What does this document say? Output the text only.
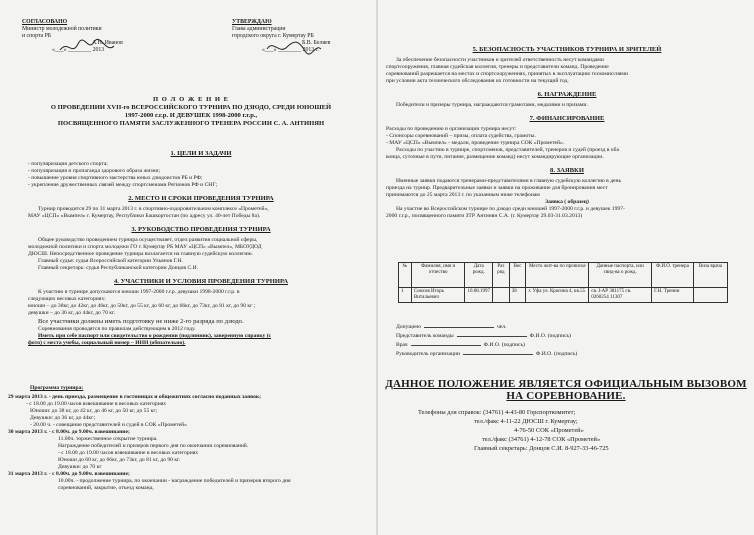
СОГЛАСОВАНО
Министр молодежной политики
и спорта РБ
А.Н. Иванов
«___» ________ 2013
УТВЕРЖДАЮ
Глава администрации
городского округа г. Кумертау РБ
Б.В. Беляев
«___» ________ 2013 г.
П О Л О Ж Е Н И Е
О ПРОВЕДЕНИИ XVII-го ВСЕРОССИЙСКОГО ТУРНИРА ПО ДЗЮДО, СРЕДИ ЮНОШЕЙ
1997-2000 г.г.р. И ДЕВУШЕК 1998-2000 г.г.р.,
ПОСВЯЩЕННОГО ПАМЯТИ ЗАСЛУЖЕННОГО ТРЕНЕРА РОССИИ С. А. АНТИНЯН
1. ЦЕЛИ И ЗАДАЧИ
- популяризация детского спорта;
- популяризация и пропаганда здорового образа жизни;
- повышение уровня спортивного мастерства юных дзюдоистов РБ и РФ;
- укрепление дружественных связей между спортсменами Регионов РФ и СНГ;
2. МЕСТО И СРОКИ ПРОВЕДЕНИЯ ТУРНИРА
Турнир проводится 29 по 31 марта 2013 г. в спортивно-оздоровительном комплексе «Прометей»,
МАУ «ЦСП» «Вымпел» г. Кумертау, Республики Башкортостан (по адресу ул. 40-лет Победы 8а).
3. РУКОВОДСТВО ПРОВЕДЕНИЯ ТУРНИРА
Общее руководство проведением турнира осуществляет, отдел развития социальной сферы,
молодежной политики и спорта молодежи ГО г. Кумертау РБ МАУ «ЦСП» «Вымпел», МБОУДОД
ДЮСШ. Непосредственное проведение турнира возлагается на главную судейскую коллегию.
Главный судья: судья Всероссийской категории Ульянов Г.Н.
Главный секретарь: судья Республиканской категории Донцов С.И.
4. УЧАСТНИКИ И УСЛОВИЯ ПРОВЕДЕНИЯ ТУРНИРА
К участию в турнире допускаются юноши 1997-2000 г.г.р. девушки 1998-2000 г.г.р. в
следующих весовых категориях:
юноши – до 38кг, до 42кг, до 46кг, до 50кг, до 55 кг, до 60 кг, до 66кг, до 73кг, до 81 кг, до 90 кг ;
девушки – до 36 кг, до 44кг, до 70 кг.
Все участники должны иметь подготовку не ниже 2-го разряда по дзюдо.
Соревнования проводятся по правилам действующим в 2012 году.
Иметь при себе паспорт или свидетельство о рождении (подлинник), заверенную справку (с
фото) с места учебы, социальный номер – ИНН (обязательно).
Программа турнира:
29 марта 2013 г. - день приезда, размещение в гостиницах и общежитиях согласно поданных заявок;
- с 18.00 до 19.00 часов взвешивание в весовых категориях
Юноши: до 38 кг, до 42 кг, до 46 кг, до 50 кг, до 55 кг;
Девушки: до 36 кг, до 44кг;
- 20.00 ч. - совещание представителей и судей в СОК «Прометей»
30 марта 2013 г. - с 8.00ч. до 9.00ч. взвешивание;
11.00ч. торжественное открытие турнира.
Награждение победителей и призеров первого дня по окончании соревнований.
- с 18.00 до 19.00 часов взвешивание в весовых категориях
Юноши до 60 кг, до 66кг, до 73кг, до 81 кг, до 90 кг.
Девушки: до 70 кг
31 марта 2013 г. - с 8.00ч. до 9.00ч. взвешивание;
10.00ч. - продолжение турнира, по окончании - награждение победителей и призеров второго дня
соревнований, закрытие, отъезд команд.
5. БЕЗОПАСНОСТЬ УЧАСТНИКОВ ТУРНИРА И ЗРИТЕЛЕЙ
За обеспечение безопасности участников и зрителей ответственность несут командами
спортсооружения, главная судейская коллегия, тренеры и представители команд. Проведение
соревнований разрешается на местах и спортсооружениях, принятых в эксплуатацию госкомиссиями
при условии акта технического обследования их готовности на текущий год.
6. НАГРАЖДЕНИЕ
Победители и призеры турнира, награждаются грамотами, медалями и призами.
7. ФИНАНСИРОВАНИЕ
Расходы по проведению и организации турнира несут:
- Спонсоры соревнований – призы, оплата судейства, грамоты.
- МАУ «ЦСП» «Вымпел» - медали, проведение турнира СОК «Прометей».
Расходы по участию в турнире, спортсменов, представителей, тренеров и судей (проезд в оба
конца, суточные в пути, питание, размещение команд) несут командирующие организации.
8. ЗАЯВКИ
Именные заявки подаются тренерами-представителями в главную судейскую коллегию в день
приезда на турнир. Предварительные заявки и заявки на проживание для бронирования мест
принимаются до 25 марта 2013 г. по указанным ниже телефонам
Заявка ( образец)
На участие во Всероссийском турнире по дзюдо среди юношей 1997-2000 г.г.р. и девушек 1997-
2000 г.г.р., посвященного памяти ЗТР Антинян С.А. (г. Кумертау 29.03-31.03.2013)
№	Фамилия, имя и отчество	Дата рожд.	Раз ряд	Вес	Место жит-ва по прописке	Данные паспорта, или свид-ва о рожд.	Ф.И.О. тренера	Виза врача
1	Сомсов Игорь Витальевич	10.08.1997		38	г. Уфа ул. Красина 4, кв.55	св. I-AР 381175 св. 0260254 11307	Г.Н. Тренин	
Допущено	чел.
Представитель команды	Ф.И.О. (подпись)
Врач	Ф.И.О. (подпись)
Руководитель организации	Ф.И.О. (подпись)
ДАННОЕ ПОЛОЖЕНИЕ ЯВЛЯЕТСЯ ОФИЦИАЛЬНЫМ ВЫЗОВОМ
НА СОРЕВНОВАНИЕ.
Телефоны для справок: (34761) 4-43-80 Горспорткомитет;
тел./факс 4-11-22 ДЮСШ г. Кумертау;
4-76-50 СОК «Прометей»
тел./факс (34761) 4-12-78 СОК «Прометей»
Главный секретарь: Донцов С.И. 8-927-33-46-725
